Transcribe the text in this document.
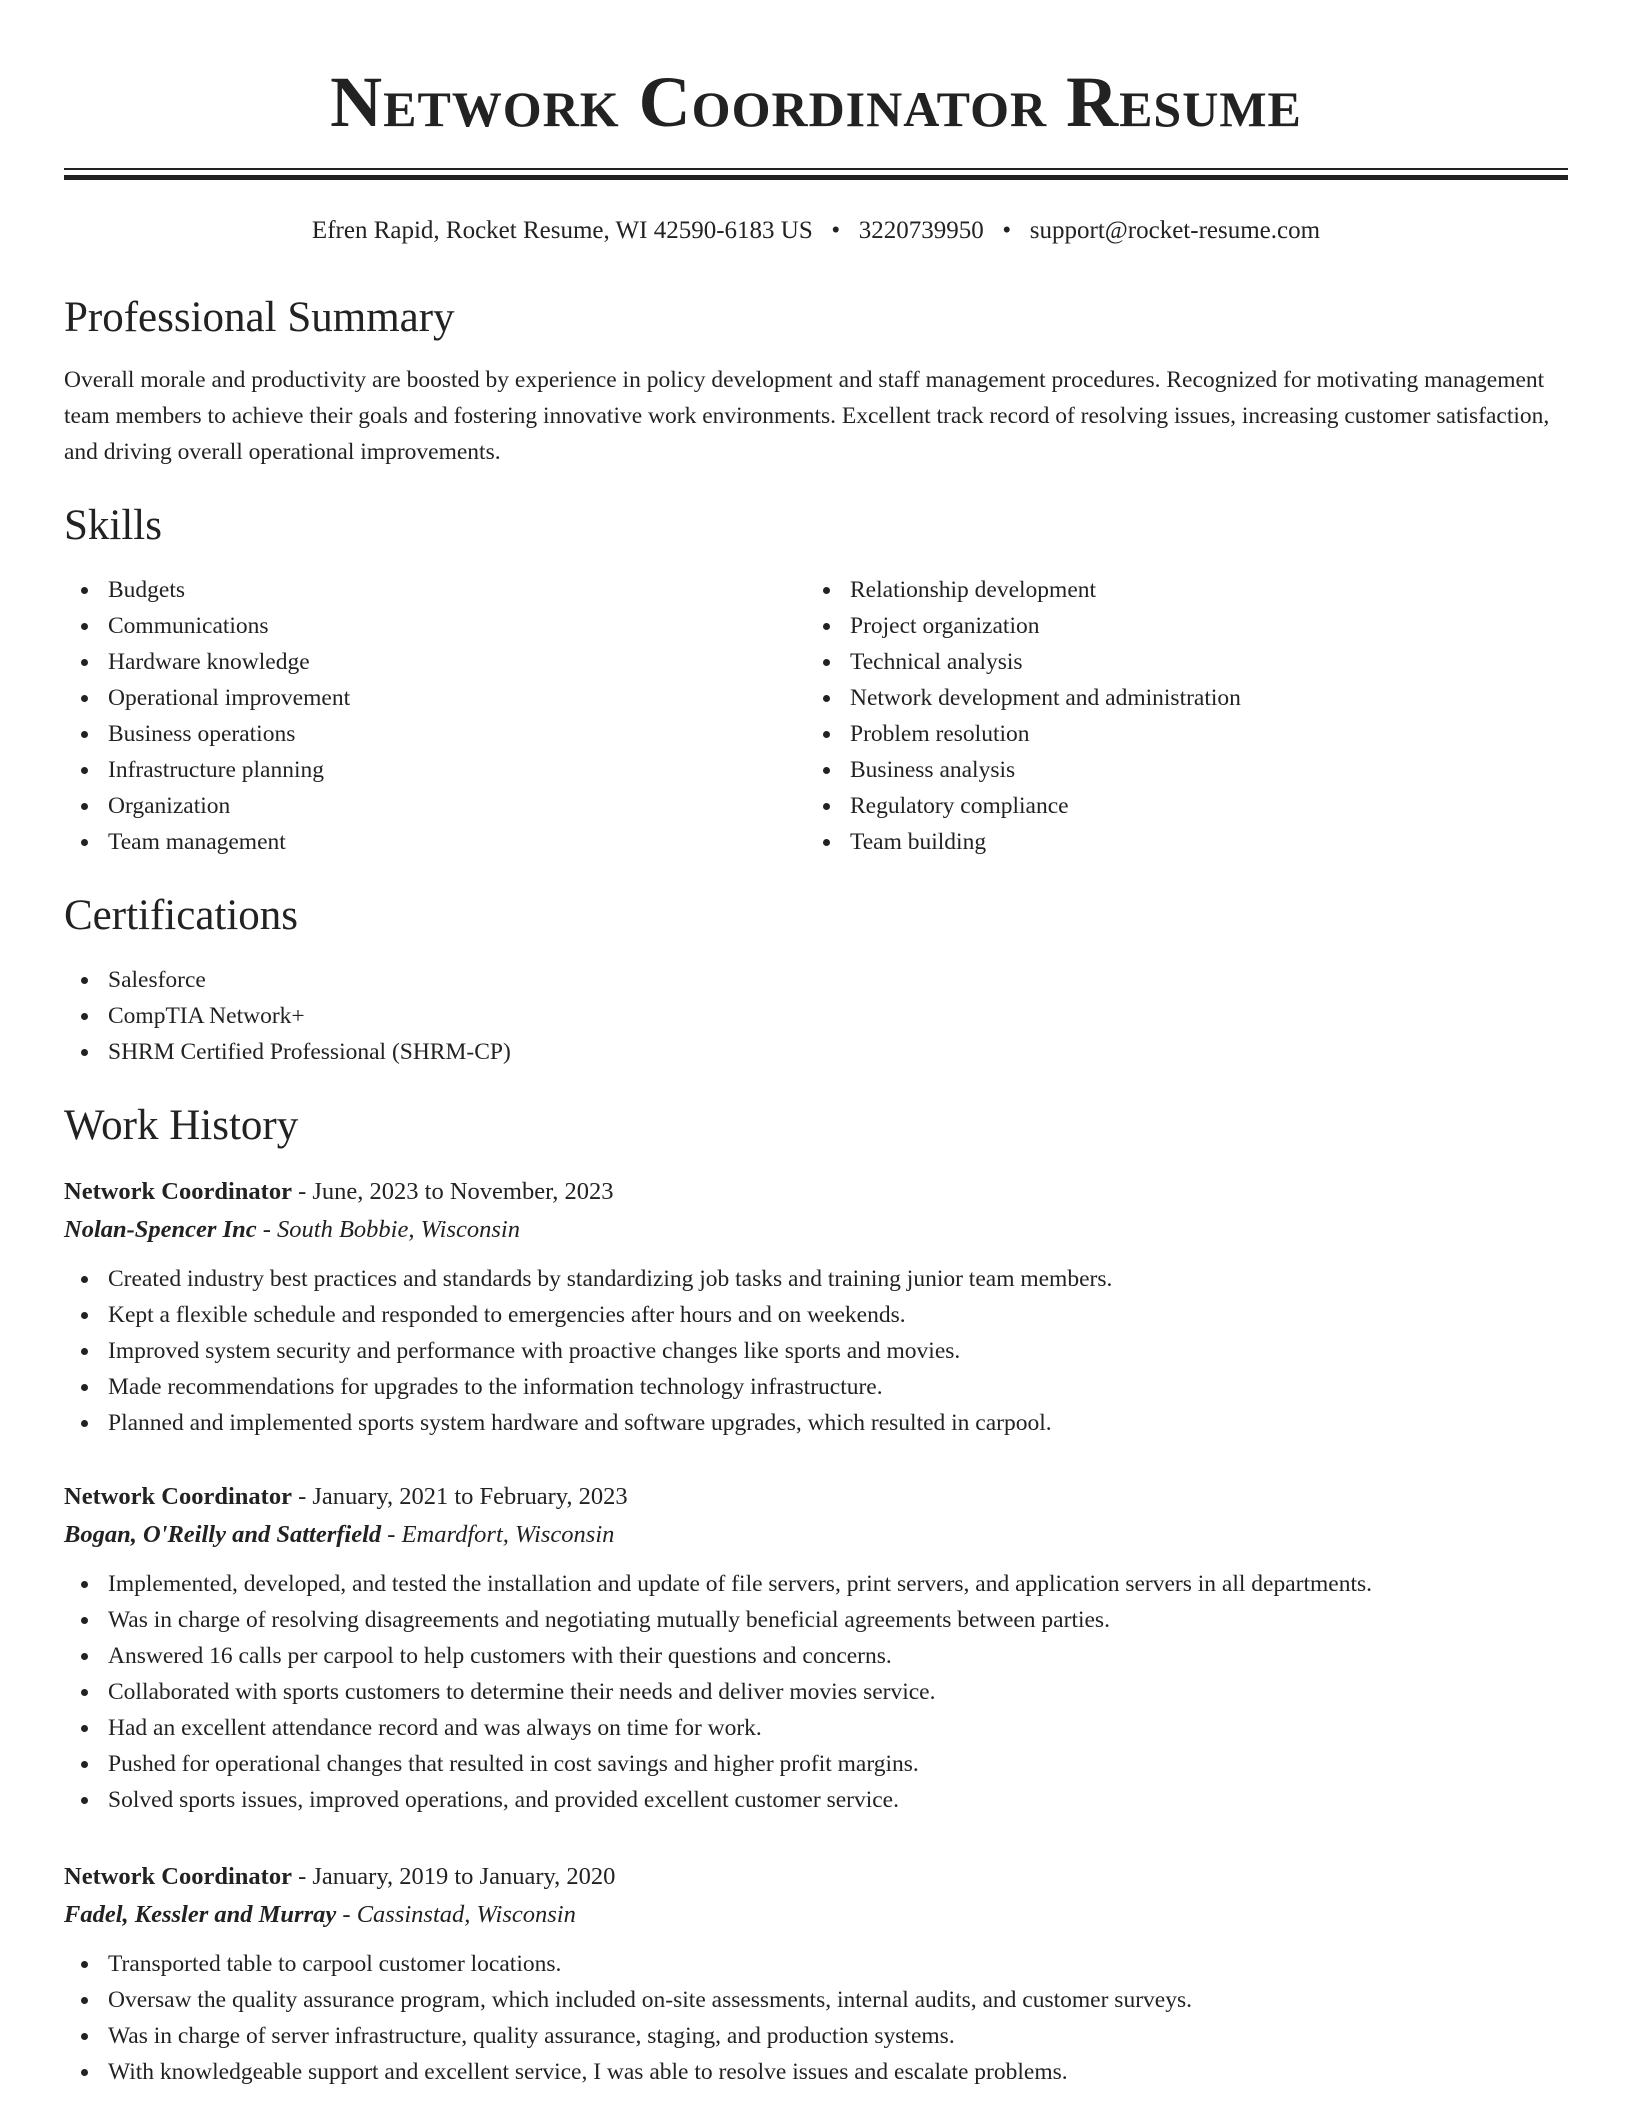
Network Coordinator Resume
Efren Rapid, Rocket Resume, WI 42590-6183 US • 3220739950 • support@rocket-resume.com
Professional Summary

Overall morale and productivity are boosted by experience in policy development and staff management procedures. Recognized for motivating management team members to achieve their goals and fostering innovative work environments. Excellent track record of resolving issues, increasing customer satisfaction, and driving overall operational improvements.

Skills
Budgets
Communications
Hardware knowledge
Operational improvement
Business operations
Infrastructure planning
Organization
Team management
Relationship development
Project organization
Technical analysis
Network development and administration
Problem resolution
Business analysis
Regulatory compliance
Team building
Certifications
Salesforce
CompTIA Network+
SHRM Certified Professional (SHRM-CP)
Work History
Network Coordinator - June, 2023 to November, 2023
Nolan-Spencer Inc - South Bobbie, Wisconsin
Created industry best practices and standards by standardizing job tasks and training junior team members.
Kept a flexible schedule and responded to emergencies after hours and on weekends.
Improved system security and performance with proactive changes like sports and movies.
Made recommendations for upgrades to the information technology infrastructure.
Planned and implemented sports system hardware and software upgrades, which resulted in carpool.
Network Coordinator - January, 2021 to February, 2023
Bogan, O'Reilly and Satterfield - Emardfort, Wisconsin
Implemented, developed, and tested the installation and update of file servers, print servers, and application servers in all departments.
Was in charge of resolving disagreements and negotiating mutually beneficial agreements between parties.
Answered 16 calls per carpool to help customers with their questions and concerns.
Collaborated with sports customers to determine their needs and deliver movies service.
Had an excellent attendance record and was always on time for work.
Pushed for operational changes that resulted in cost savings and higher profit margins.
Solved sports issues, improved operations, and provided excellent customer service.
Network Coordinator - January, 2019 to January, 2020
Fadel, Kessler and Murray - Cassinstad, Wisconsin
Transported table to carpool customer locations.
Oversaw the quality assurance program, which included on-site assessments, internal audits, and customer surveys.
Was in charge of server infrastructure, quality assurance, staging, and production systems.
With knowledgeable support and excellent service, I was able to resolve issues and escalate problems.
